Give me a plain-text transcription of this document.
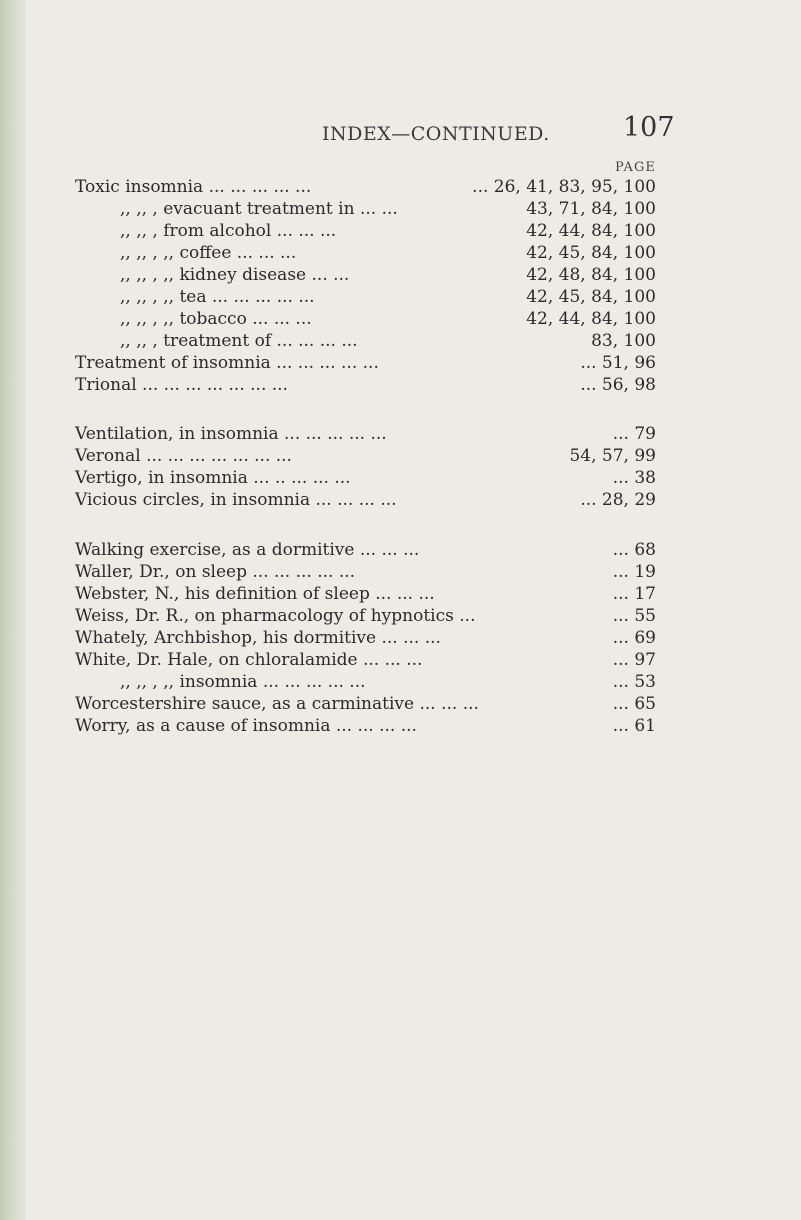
INDEX—CONTINUED.	107
PAGE
Toxic insomnia ... ... ... ... ...	... 26, 41, 83, 95, 100
,, ,, , evacuant treatment in ... ...	43, 71, 84, 100
,, ,, , from alcohol ... ... ...	42, 44, 84, 100
,, ,, , ,, coffee ... ... ...	42, 45, 84, 100
,, ,, , ,, kidney disease ... ...	42, 48, 84, 100
,, ,, , ,, tea ... ... ... ... ...	42, 45, 84, 100
,, ,, , ,, tobacco ... ... ...	42, 44, 84, 100
,, ,, , treatment of ... ... ... ...	83, 100
Treatment of insomnia ... ... ... ... ...	... 51, 96
Trional ... ... ... ... ... ... ...	... 56, 98
Ventilation, in insomnia ... ... ... ... ...	... 79
Veronal ... ... ... ... ... ... ...	54, 57, 99
Vertigo, in insomnia ... .. ... ... ...	... 38
Vicious circles, in insomnia ... ... ... ...	... 28, 29
Walking exercise, as a dormitive ... ... ...	... 68
Waller, Dr., on sleep ... ... ... ... ...	... 19
Webster, N., his definition of sleep ... ... ...	... 17
Weiss, Dr. R., on pharmacology of hypnotics ...	... 55
Whately, Archbishop, his dormitive ... ... ...	... 69
White, Dr. Hale, on chloralamide ... ... ...	... 97
,, ,, , ,, insomnia ... ... ... ... ...	... 53
Worcestershire sauce, as a carminative ... ... ...	... 65
Worry, as a cause of insomnia ... ... ... ...	... 61
